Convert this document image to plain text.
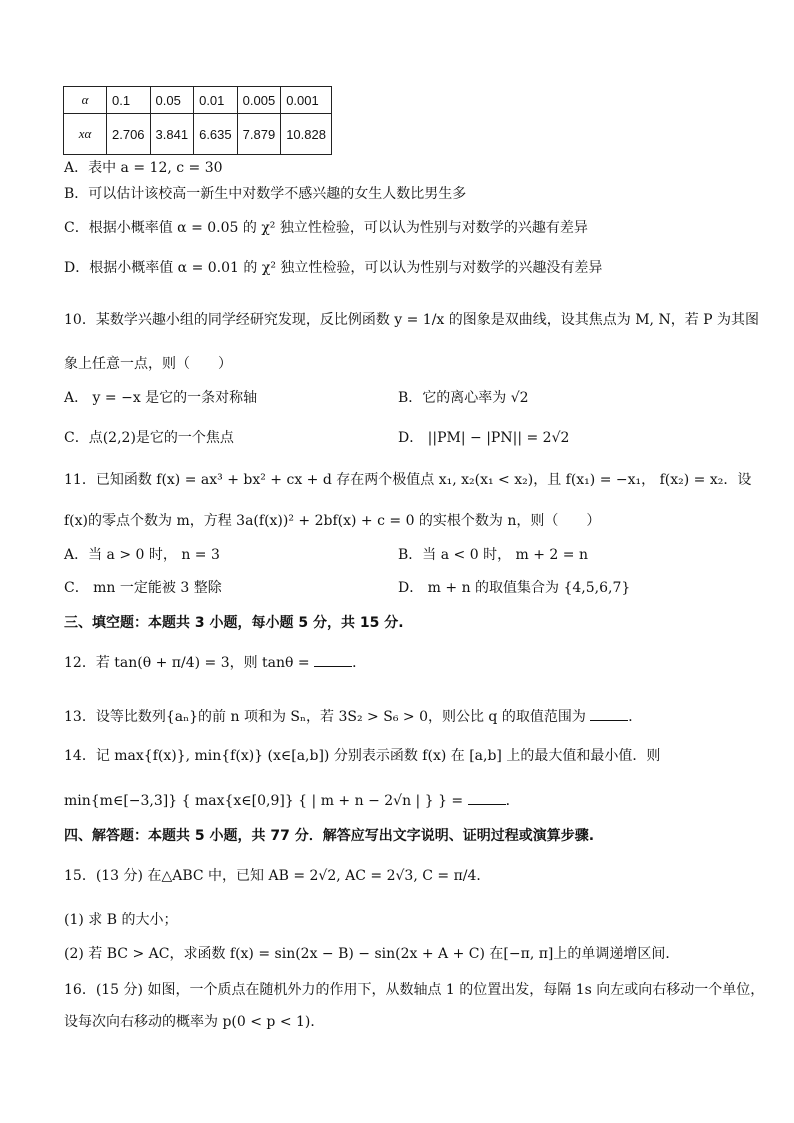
α	0.1	0.05	0.01	0.005	0.001
xα	2.706	3.841	6.635	7.879	10.828
A．表中 a = 12, c = 30
B．可以估计该校高一新生中对数学不感兴趣的女生人数比男生多
C．根据小概率值 α = 0.05 的 χ² 独立性检验，可以认为性别与对数学的兴趣有差异
D．根据小概率值 α = 0.01 的 χ² 独立性检验，可以认为性别与对数学的兴趣没有差异
10．某数学兴趣小组的同学经研究发现，反比例函数 y = 1/x 的图象是双曲线，设其焦点为 M, N，若 P 为其图
象上任意一点，则（　　）
A． y = −x 是它的一条对称轴	B．它的离心率为 √2
C．点(2,2)是它的一个焦点	D． ||PM| − |PN|| = 2√2
11．已知函数 f(x) = ax³ + bx² + cx + d 存在两个极值点 x₁, x₂(x₁ < x₂)，且 f(x₁) = −x₁， f(x₂) = x₂．设
f(x)的零点个数为 m，方程 3a(f(x))² + 2bf(x) + c = 0 的实根个数为 n，则（　　）
A．当 a > 0 时， n = 3	B．当 a < 0 时， m + 2 = n
C． mn 一定能被 3 整除	D． m + n 的取值集合为 {4,5,6,7}
三、填空题：本题共 3 小题，每小题 5 分，共 15 分.
12．若 tan(θ + π/4) = 3，则 tanθ =	．
13．设等比数列{aₙ}的前 n 项和为 Sₙ，若 3S₂ > S₆ > 0，则公比 q 的取值范围为	．
14．记 max{f(x)}, min{f(x)} (x∈[a,b]) 分别表示函数 f(x) 在 [a,b] 上的最大值和最小值．则
min{m∈[−3,3]} { max{x∈[0,9]} { | m + n − 2√n | } } =	．
四、解答题：本题共 5 小题，共 77 分．解答应写出文字说明、证明过程或演算步骤.
15．(13 分) 在△ABC 中，已知 AB = 2√2, AC = 2√3, C = π/4．
(1) 求 B 的大小；
(2) 若 BC > AC，求函数 f(x) = sin(2x − B) − sin(2x + A + C) 在[−π, π]上的单调递增区间．
16．(15 分) 如图，一个质点在随机外力的作用下，从数轴点 1 的位置出发，每隔 1s 向左或向右移动一个单位，
设每次向右移动的概率为 p(0 < p < 1)．
